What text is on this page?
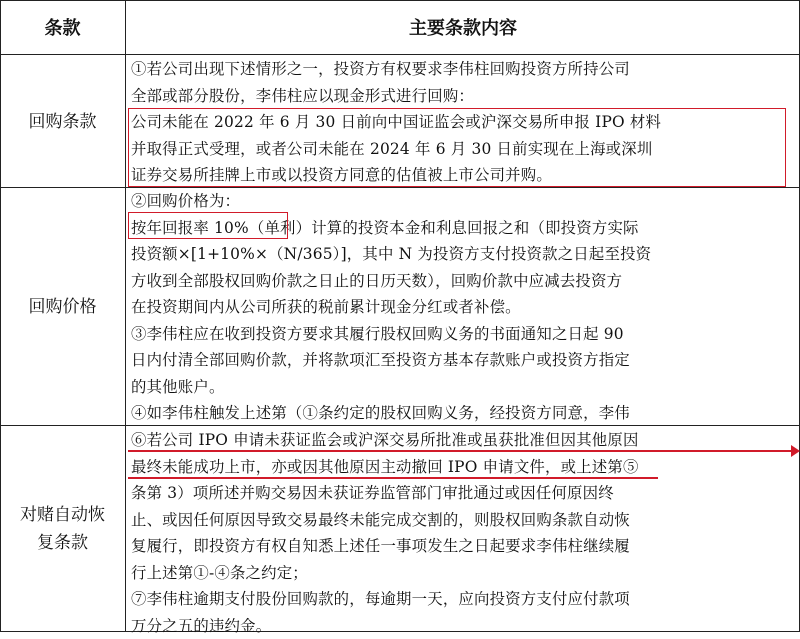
条款	主要条款内容
回购条款
①若公司出现下述情形之一，投资方有权要求李伟柱回购投资方所持公司
全部或部分股份，李伟柱应以现金形式进行回购：
公司未能在 2022 年 6 月 30 日前向中国证监会或沪深交易所申报 IPO 材料
并取得正式受理，或者公司未能在 2024 年 6 月 30 日前实现在上海或深圳
证券交易所挂牌上市或以投资方同意的估值被上市公司并购。
回购价格
②回购价格为：
按年回报率 10%（单利）计算的投资本金和利息回报之和（即投资方实际
投资额×[1+10%×（N/365）]，其中 N 为投资方支付投资款之日起至投资
方收到全部股权回购价款之日止的日历天数），回购价款中应减去投资方
在投资期间内从公司所获的税前累计现金分红或者补偿。
③李伟柱应在收到投资方要求其履行股权回购义务的书面通知之日起 90
日内付清全部回购价款，并将款项汇至投资方基本存款账户或投资方指定
的其他账户。
④如李伟柱触发上述第（①条约定的股权回购义务，经投资方同意，李伟
对赌自动恢
复条款
⑥若公司 IPO 申请未获证监会或沪深交易所批准或虽获批准但因其他原因
最终未能成功上市，亦或因其他原因主动撤回 IPO 申请文件，或上述第⑤
条第 3）项所述并购交易因未获证券监管部门审批通过或因任何原因终
止、或因任何原因导致交易最终未能完成交割的，则股权回购条款自动恢
复履行，即投资方有权自知悉上述任一事项发生之日起要求李伟柱继续履
行上述第①-④条之约定；
⑦李伟柱逾期支付股份回购款的，每逾期一天，应向投资方支付应付款项
万分之五的违约金。
